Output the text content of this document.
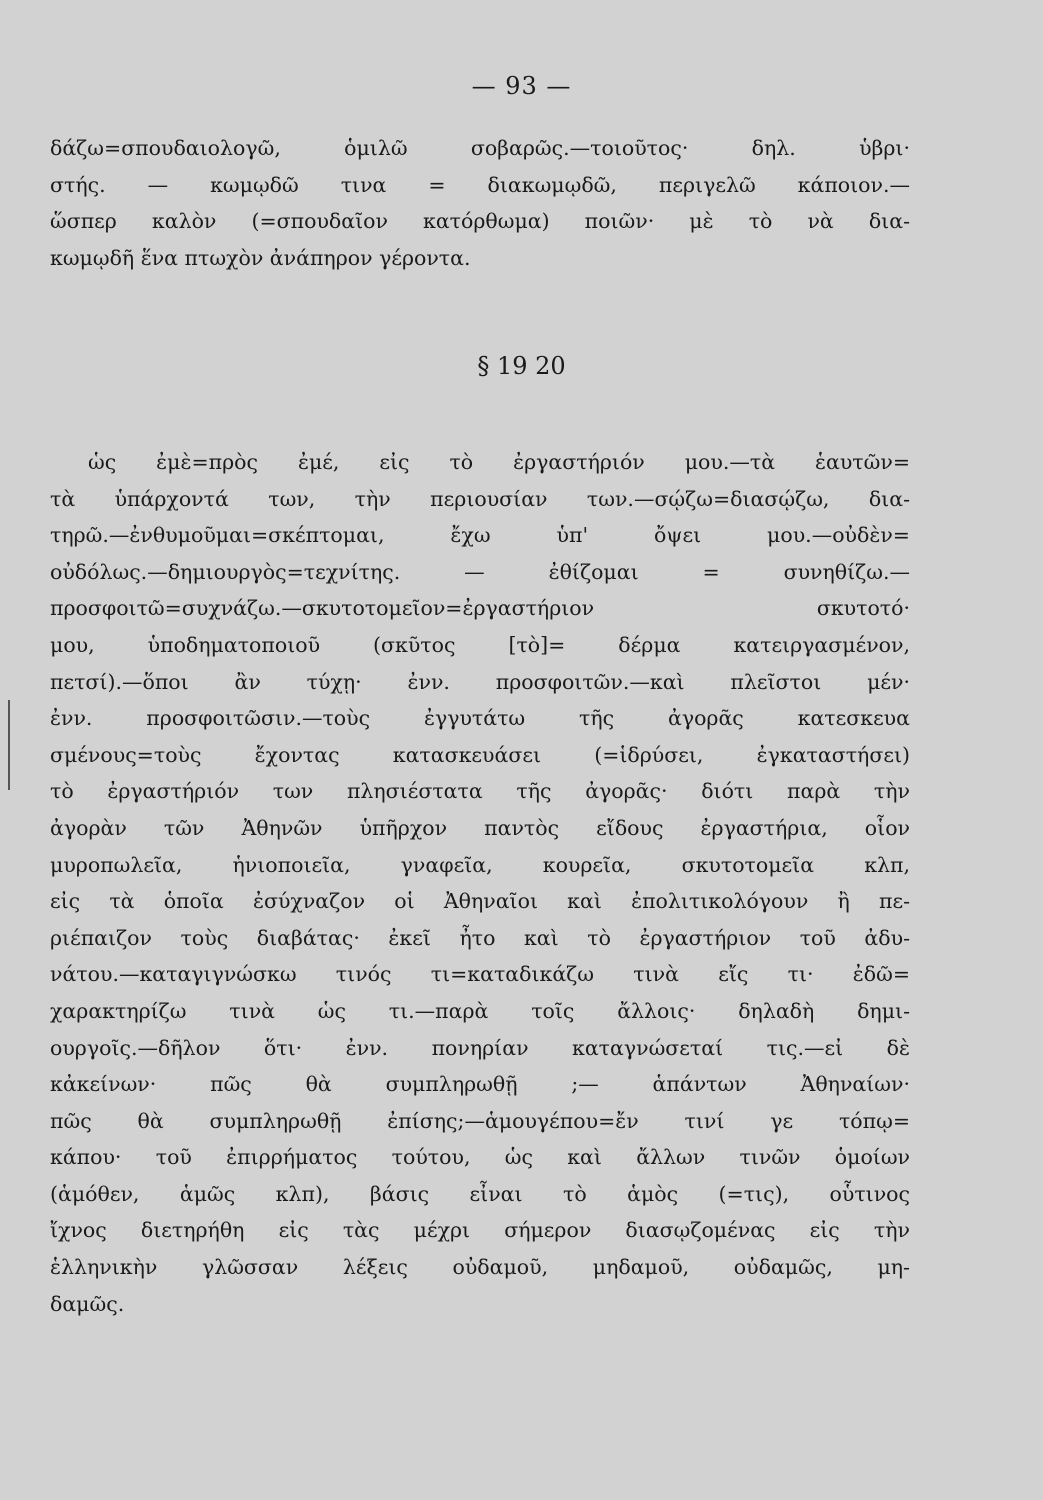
— 93 —
δάζω=σπουδαιολογῶ, ὁμιλῶ σοβαρῶς.—τοιοῦτος· δηλ. ὑβρι·
στής. — κωμῳδῶ τινα = διακωμῳδῶ, περιγελῶ κάποιον.—
ὥσπερ καλὸν (=σπουδαῖον κατόρθωμα) ποιῶν· μὲ τὸ νὰ δια-
κωμῳδῆ ἕνα πτωχὸν ἀνάπηρον γέροντα.
§ 19 20
ὡς ἐμὲ=πρὸς ἐμέ, εἰς τὸ ἐργαστήριόν μου.—τὰ ἑαυτῶν=
τὰ ὑπάρχοντά των, τὴν περιουσίαν των.—σῴζω=διασῴζω, δια-
τηρῶ.—ἐνθυμοῦμαι=σκέπτομαι, ἔχω ὑπ' ὄψει μου.—οὐδὲν=
οὐδόλως.—δημιουργὸς=τεχνίτης. — ἐθίζομαι = συνηθίζω.—
προσφοιτῶ=συχνάζω.—σκυτοτομεῖον=ἐργαστήριον σκυτοτό·
μου, ὑποδηματοποιοῦ (σκῦτος [τὸ]= δέρμα κατειργασμένον,
πετσί).—ὅποι ἂν τύχῃ· ἐνν. προσφοιτῶν.—καὶ πλεῖστοι μέν·
ἐνν. προσφοιτῶσιν.—τοὺς ἐγγυτάτω τῆς ἀγορᾶς κατεσκευα
σμένους=τοὺς ἔχοντας κατασκευάσει (=ἱδρύσει, ἐγκαταστήσει)
τὸ ἐργαστήριόν των πλησιέστατα τῆς ἀγορᾶς· διότι παρὰ τὴν
ἀγορὰν τῶν Ἀθηνῶν ὑπῆρχον παντὸς εἴδους ἐργαστήρια, οἷον
μυροπωλεῖα, ἡνιοποιεῖα, γναφεῖα, κουρεῖα, σκυτοτομεῖα κλπ,
εἰς τὰ ὁποῖα ἐσύχναζον οἱ Ἀθηναῖοι καὶ ἐπολιτικολόγουν ἢ πε-
ριέπαιζον τοὺς διαβάτας· ἐκεῖ ἦτο καὶ τὸ ἐργαστήριον τοῦ ἀδυ-
νάτου.—καταγιγνώσκω τινός τι=καταδικάζω τινὰ εἴς τι· ἐδῶ=
χαρακτηρίζω τινὰ ὡς τι.—παρὰ τοῖς ἄλλοις· δηλαδὴ δημι-
ουργοῖς.—δῆλον ὅτι· ἐνν. πονηρίαν καταγνώσεταί τις.—εἰ δὲ
κἀκείνων· πῶς θὰ συμπληρωθῇ ;— ἁπάντων Ἀθηναίων·
πῶς θὰ συμπληρωθῇ ἐπίσης;—ἁμουγέπου=ἔν τινί γε τόπῳ=
κάπου· τοῦ ἐπιρρήματος τούτου, ὡς καὶ ἄλλων τινῶν ὁμοίων
(ἁμόθεν, ἁμῶς κλπ), βάσις εἶναι τὸ ἁμὸς (=τις), οὗτινος
ἴχνος διετηρήθη εἰς τὰς μέχρι σήμερον διασῳζομένας εἰς τὴν
ἑλληνικὴν γλῶσσαν λέξεις οὐδαμοῦ, μηδαμοῦ, οὐδαμῶς, μη-
δαμῶς.
